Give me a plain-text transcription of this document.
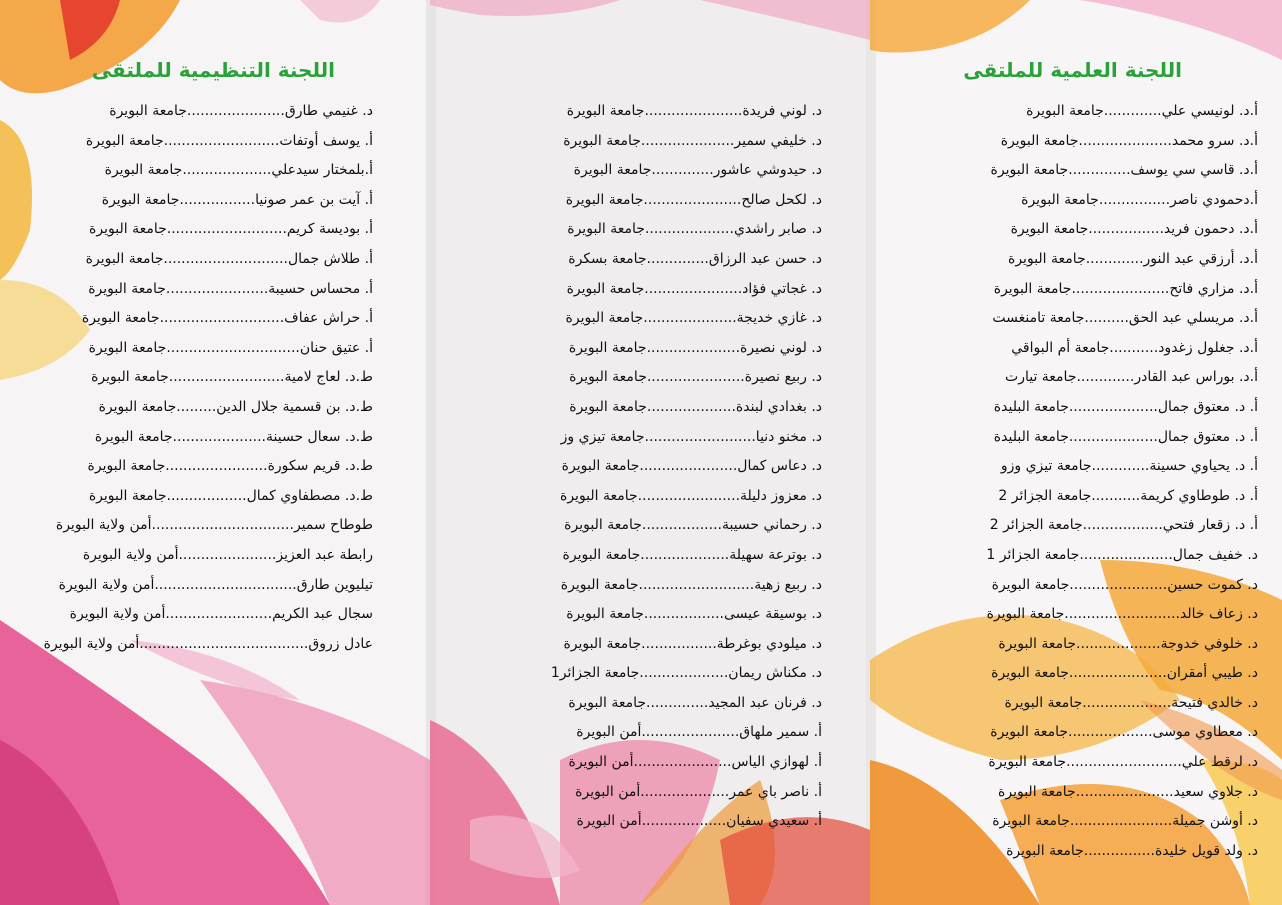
اللجنة العلمية للملتقى
أ.د. لونيسي علي.............جامعة البويرة
أ.د. سرو محمد.....................جامعة البويرة
أ.د. قاسي سي يوسف..............جامعة البويرة
أ.دحمودي ناصر................جامعة البويرة
أ.د. دحمون فريد.................جامعة البويرة
أ.د. أرزقي عبد النور.............جامعة البويرة
أ.د. مزاري فاتح......................جامعة البويرة
أ.د. مريسلي عبد الحق..........جامعة تامنغست
أ.د. جغلول زغدود...........جامعة أم البواقي
أ.د. بوراس عبد القادر.............جامعة تيارت
أ. د. معتوق جمال....................جامعة البليدة
أ. د. معتوق جمال....................جامعة البليدة
أ. د. يحياوي حسينة.............جامعة تيزي وزو
أ. د. طوطاوي كريمة...........جامعة الجزائر 2
أ. د. زقعار فتحي..................جامعة الجزائر 2
د. خفيف جمال.....................جامعة الجزائر 1
د. كموت حسين......................جامعة البويرة
د. زعاف خالد..........................جامعة البويرة
د. خلوفي خدوجة...................جامعة البويرة
د. طيبي أمقران......................جامعة البويرة
د. خالدي فتيحة....................جامعة البويرة
د. معطاوي موسى...................جامعة البويرة
د. لرقط علي..........................جامعة البويرة
د. جلاوي سعيد......................جامعة البويرة
د. أوشن جميلة.......................جامعة البويرة
د. ولد قويل خليدة................جامعة البويرة
د. لوني فريدة......................جامعة البويرة
د. خليفي سمير.....................جامعة البويرة
د. حيدوشي عاشور..............جامعة البويرة
د. لكحل صالح......................جامعة البويرة
د. صابر راشدي....................جامعة البويرة
د. حسن عبد الرزاق..............جامعة بسكرة
د. غجاتي فؤاد......................جامعة البويرة
د. غازي خديجة.....................جامعة البويرة
د. لوني نصيرة.....................جامعة البويرة
د. ربيع نصيرة......................جامعة البويرة
د. بغدادي لبندة....................جامعة البويرة
د. مخنو دنيا.........................جامعة تيزي وز
د. دعاس كمال......................جامعة البويرة
د. معزوز دليلة.......................جامعة البويرة
د. رحماني حسيبة..................جامعة البويرة
د. بوترعة سهيلة....................جامعة البويرة
د. ربيع زهية..........................جامعة البويرة
د. بوسيقة عيسى..................جامعة البويرة
د. ميلودي بوغرطة.................جامعة البويرة
د. مكناش ريمان....................جامعة الجزائر1
د. فرنان عبد المجيد..............جامعة البويرة
أ. سمير ملهاق......................أمن البويرة
أ. لهوازي الياس......................أمن البويرة
أ. ناصر باي عمر....................أمن البويرة
أ. سعيدي سفيان...................أمن البويرة
اللجنة التنظيمية للملتقى
د. غنيمي طارق......................جامعة البويرة
أ. يوسف أوتفات..........................جامعة البويرة
أ.بلمختار سيدعلي....................جامعة البويرة
أ. آيت بن عمر صونيا.................جامعة البويرة
أ. بوديسة كريم...........................جامعة البويرة
أ. طلاش جمال............................جامعة البويرة
أ. محساس حسيبة.......................جامعة البويرة
أ. حراش عفاف............................جامعة البويرة
أ. عتيق حنان..............................جامعة البويرة
ط.د. لعاج لامية..........................جامعة البويرة
ط.د. بن قسمية جلال الدين.........جامعة البويرة
ط.د. سعال حسينة.....................جامعة البويرة
ط.د. قريم سكورة.......................جامعة البويرة
ط.د. مصطفاوي كمال..................جامعة البويرة
طوطاح سمير................................أمن ولاية البويرة
رابطة عبد العزيز......................أمن ولاية البويرة
تيليوين طارق................................أمن ولاية البويرة
سجال عبد الكريم........................أمن ولاية البويرة
عادل زروق......................................أمن ولاية البويرة
